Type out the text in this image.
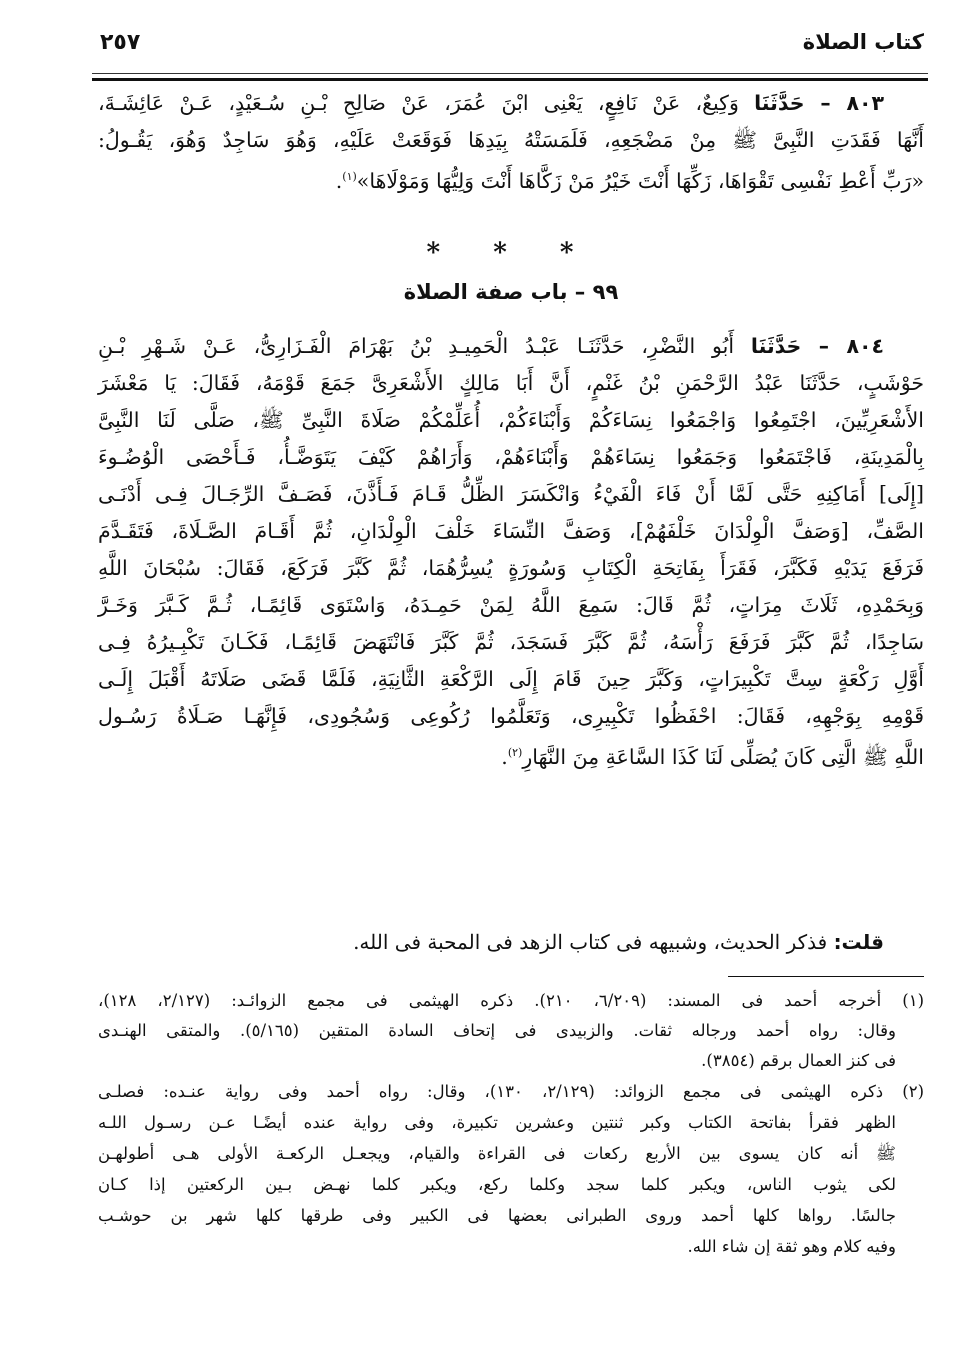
كتاب الصلاة
٢٥٧
٨٠٣ – حَدَّثَنَا وَكِيعٌ، عَنْ نَافِعٍ، يَعْنِى ابْنَ عُمَرَ، عَنْ صَالِحِ بْـنِ سُـعَيْدٍ، عَـنْ عَائِشَـةَ،
أَنَّهَا فَقَدَتِ النَّبِىَّ ﷺ مِنْ مَضْجَعِهِ، فَلَمَسَتْهُ بِيَدِهَا فَوَقَعَتْ عَلَيْهِ، وَهُوَ سَاجِدٌ وَهُوَ، يَقُـولُ:
«رَبِّ أَعْطِ نَفْسِى تَقْوَاهَا، زَكِّهَا أَنْتَ خَيْرُ مَنْ زَكَّاهَا أَنْتَ وَلِيُّهَا وَمَوْلَاهَا»$^{(١)}$.
* * *
٩٩ – باب صفة الصلاة
٨٠٤ – حَدَّثَنَا أَبُو النَّضْرِ، حَدَّثَنَـا عَبْـدُ الْحَمِيـدِ بْنُ بَهْرَامَ الْفَـزَارِىُّ، عَـنْ شَـهْرِ بْـنِ
حَوْشَبٍ، حَدَّثَنَا عَبْدُ الرَّحْمَنِ بْنُ غَنْمٍ، أَنَّ أَبَا مَالِكٍ الأَشْعَرِىَّ جَمَعَ قَوْمَهُ، فَقَالَ: يَا مَعْشَرَ
الأَشْعَرِيِّينَ، اجْتَمِعُوا وَاجْمَعُوا نِسَاءَكُمْ وَأَبْنَاءَكُمْ، أُعَلِّمْكُمْ صَلَاةَ النَّبِىِّ ﷺ، صَلَّى لَنَا النَّبِىَّ
بِالْمَدِينَةِ، فَاجْتَمَعُوا وَجَمَعُوا نِسَاءَهُمْ وَأَبْنَاءَهُمْ، وَأَرَاهُمْ كَيْفَ يَتَوَضَّـأُ، فَـأَحْصَى الْوُضُـوءَ
[إِلَى] أَمَاكِنِهِ حَتَّى لَمَّا أَنْ فَاءَ الْفَيْءُ وَانْكَسَرَ الظِّلُّ قَـامَ فَـأَذَّنَ، فَصَـفَّ الرِّجَـالَ فِـى أَدْنَـى
الصَّفِّ، [وَصَفَّ الْوِلْدَانَ خَلْفَهُمْ]، وَصَفَّ النِّسَاءَ خَلْفَ الْوِلْدَانِ، ثُمَّ أَقَـامَ الصَّـلَاةَ، فَتَقَـدَّمَ
فَرَفَعَ يَدَيْهِ فَكَبَّرَ، فَقَرَأَ بِفَاتِحَةِ الْكِتَابِ وَسُورَةٍ يُسِرُّهُمَا، ثُمَّ كَبَّرَ فَرَكَعَ، فَقَالَ: سُبْحَانَ اللَّهِ
وَبِحَمْدِهِ، ثَلَاثَ مِرَاتٍ، ثُمَّ قَالَ: سَمِعَ اللَّهُ لِمَنْ حَمِـدَهُ، وَاسْتَوَى قَائِمًـا، ثُـمَّ كَـبَّرَ وَخَـرَّ
سَاجِدًا، ثُمَّ كَبَّرَ فَرَفَعَ رَأْسَهُ، ثُمَّ كَبَّرَ فَسَجَدَ، ثُمَّ كَبَّرَ فَانْتَهَضَ قَائِمًـا، فَكَـانَ تَكْبِـيرُهُ فِـى
أَوَّلِ رَكْعَةٍ سِتَّ تَكْبِيرَاتٍ، وَكَبَّرَ حِينَ قَامَ إِلَى الرَّكْعَةِ الثَّانِيَةِ، فَلَمَّا قَضَى صَلَاتَهُ أَقْبَلَ إِلَـى
قَوْمِهِ بِوَجْهِهِ، فَقَالَ: احْفَظُوا تَكْبِيرِى، وَتَعَلَّمُوا رُكُوعِى وَسُجُودِى، فَإِنَّهَـا صَـلَاةُ رَسُـول
اللَّهِ ﷺ الَّتِى كَانَ يُصَلِّى لَنَا كَذَا السَّاعَةِ مِنَ النَّهَارِ$^{(٢)}$.
قلت: فذكر الحديث، وشبيهه فى كتاب الزهد فى المحبة فى الله.
(١) أخرجه أحمد فى المسند: (٦/٢٠٩، ٢١٠). ذكره الهيثمى فى مجمع الزوائـد: (٢/١٢٧، ١٢٨)،
وقال: رواه أحمد ورجاله ثقات. والزبيدى فى إتحاف السادة المتقين (٥/١٦٥). والمتقى الهنـدى
فى كنز العمال برقم (٣٨٥٤).
(٢) ذكره الهيثمى فى مجمع الزوائد: (٢/١٢٩، ١٣٠)، وقال: رواه أحمد وفى رواية عنـده: فصلـى
الظهر فقرأ بفاتحة الكتاب وكبر ثنتين وعشرين تكبيرة، وفى رواية عنده أيضًـا عـن رسـول اللـه
ﷺ أنه كان يسوى بين الأربع ركعات فى القراءة والقيام، ويجعـل الركعـة الأولى هـى أطولهـن
لكى يثوب الناس، ويكبر كلما سجد وكلما ركع، ويكبر كلما نهـض بـين الركعتين إذا كـان
جالسًا. رواها كلها أحمد وروى الطبرانى بعضها فى الكبير وفى طرقها كلها شهر بن حوشـب
وفيه كلام وهو ثقة إن شاء الله.
